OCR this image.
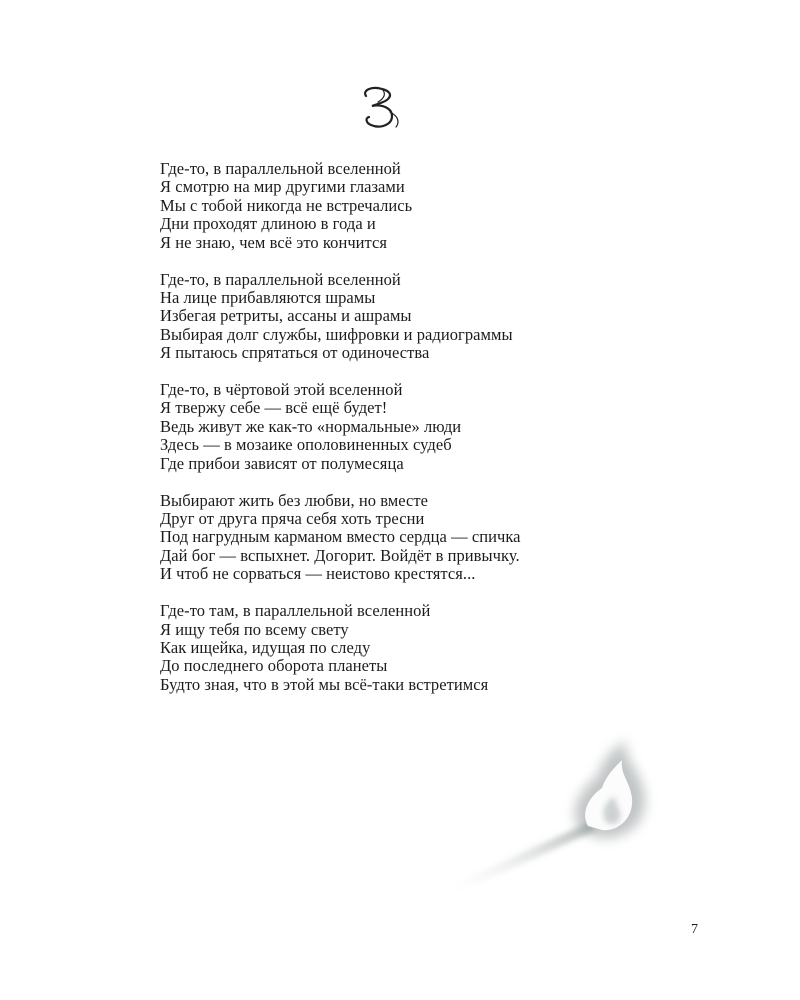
Где-то, в параллельной вселенной
Я смотрю на мир другими глазами
Мы с тобой никогда не встречались
Дни проходят длиною в года и
Я не знаю, чем всё это кончится
Где-то, в параллельной вселенной
На лице прибавляются шрамы
Избегая ретриты, ассаны и ашрамы
Выбирая долг службы, шифровки и радиограммы
Я пытаюсь спрятаться от одиночества
Где-то, в чёртовой этой вселенной
Я твержу себе — всё ещё будет!
Ведь живут же как-то «нормальные» люди
Здесь — в мозаике ополовиненных судеб
Где прибои зависят от полумесяца
Выбирают жить без любви, но вместе
Друг от друга пряча себя хоть тресни
Под нагрудным карманом вместо сердца — спичка
Дай бог — вспыхнет. Догорит. Войдёт в привычку.
И чтоб не сорваться — неистово крестятся...
Где-то там, в параллельной вселенной
Я ищу тебя по всему свету
Как ищейка, идущая по следу
До последнего оборота планеты
Будто зная, что в этой мы всё-таки встретимся
7
